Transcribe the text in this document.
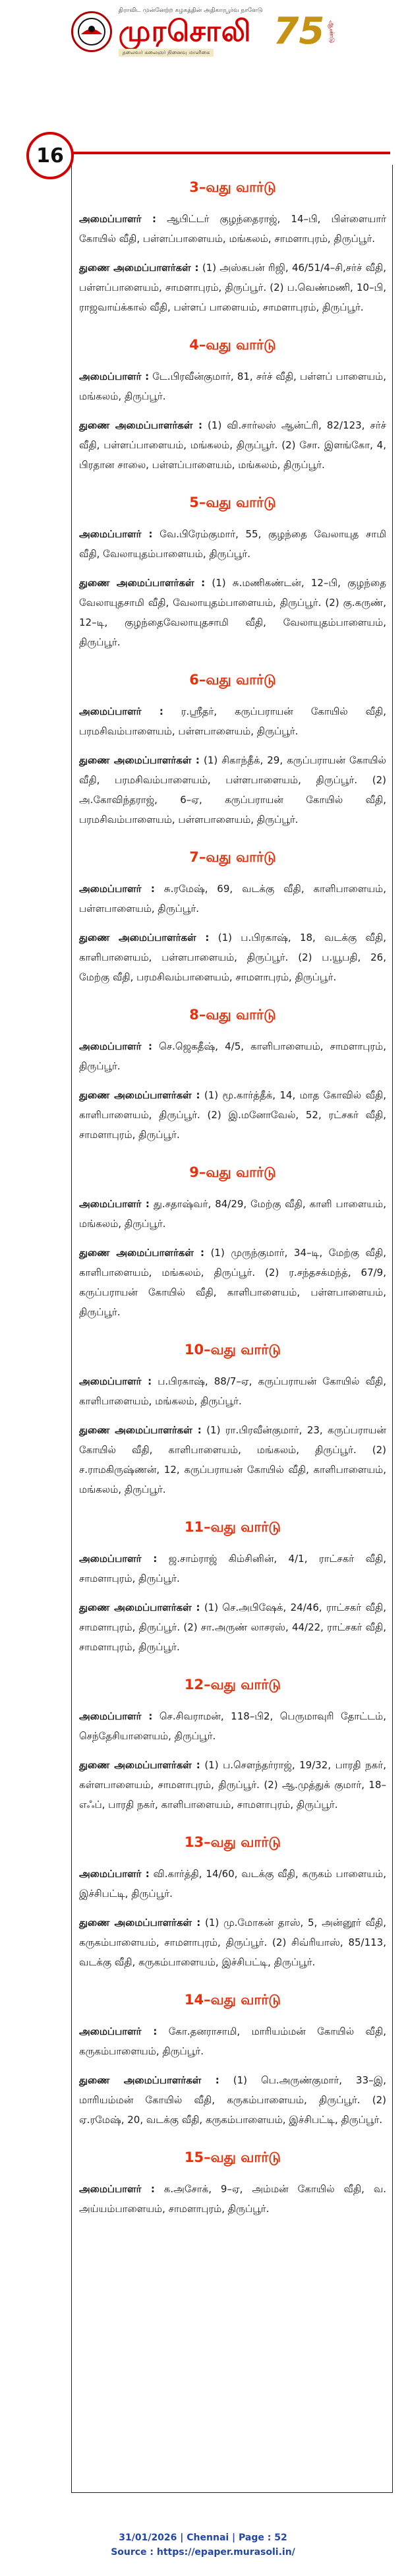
திராவிட முன்னேற்ற கழகத்தின் அதிகாரபூர்வ நாளேடு
முரசொலி
தலைவர் கலைஞர் நினைவு மாளிகை 75 ஆண்டு
16
3–வது வார்டு

அமைப்பாளர் : ஆபிட்டர் குழந்தைராஜ், 14–பி, பிள்ளையார் கோயில் வீதி, பள்ளப்பாளையம், மங்கலம், சாமளாபுரம், திருப்பூர்.

துணை அமைப்பாளர்கள் : (1) அஸ்கபன் ரிஜி, 46/51/4–சி,சர்ச் வீதி, பள்ளப்பாளையம், சாமளாபுரம், திருப்பூர். (2) ப.வெண்மணி, 10–பி, ராஜவாய்க்கால் வீதி, பள்ளப் பாளையம், சாமளாபுரம், திருப்பூர்.

4–வது வார்டு

அமைப்பாளர் : டே.பிரவீன்குமார், 81, சர்ச் வீதி, பள்ளப் பாளையம், மங்கலம், திருப்பூர்.

துணை அமைப்பாளர்கள் : (1) வி.சார்லஸ் ஆன்ட்ரி, 82/123, சர்ச் வீதி, பள்ளப்பாளையம், மங்கலம், திருப்பூர். (2) சோ. இளங்கோ, 4, பிரதான சாலை, பள்ளப்பாளையம், மங்கலம், திருப்பூர்.

5–வது வார்டு

அமைப்பாளர் : வே.பிரேம்குமார், 55, குழந்தை வேலாயுத சாமி வீதி, வேலாயுதம்பாளையம், திருப்பூர்.

துணை அமைப்பாளர்கள் : (1) சு.மணிகண்டன், 12–பி, குழந்தை வேலாயுதசாமி வீதி, வேலாயுதம்பாளையம், திருப்பூர். (2) கு.கருண், 12–டி, குழந்தைவேலாயுதசாமி வீதி, வேலாயுதம்பாளையம், திருப்பூர்.

6–வது வார்டு

அமைப்பாளர் : ர.ஸ்ரீதர், கருப்பராயன் கோயில் வீதி, பரமசிவம்பாளையம், பள்ளபாளையம், திருப்பூர்.

துணை அமைப்பாளர்கள் : (1) சிகாந்தீக், 29, கருப்பராயன் கோயில் வீதி, பரமசிவம்பாளையம், பள்ளபாளையம், திருப்பூர். (2) அ.கோவிந்தராஜ், 6–ஏ, கருப்பராயன் கோயில் வீதி, பரமசிவம்பாளையம், பள்ளபாளையம், திருப்பூர்.

7–வது வார்டு

அமைப்பாளர் : சு.ரமேஷ், 69, வடக்கு வீதி, காளிபாளையம், பள்ளபாளையம், திருப்பூர்.

துணை அமைப்பாளர்கள் : (1) ப.பிரகாஷ், 18, வடக்கு வீதி, காளிபாளையம், பள்ளபாளையம், திருப்பூர். (2) ப.யூபதி, 26, மேற்கு வீதி, பரமசிவம்பாளையம், சாமளாபுரம், திருப்பூர்.

8–வது வார்டு

அமைப்பாளர் : செ.ஜெகதீஷ், 4/5, காளிபாளையம், சாமளாபுரம், திருப்பூர்.

துணை அமைப்பாளர்கள் : (1) மூ.கார்த்தீக், 14, மாத கோவில் வீதி, காளிபாளையம், திருப்பூர். (2) இ.மனோவேல், 52, ரட்சகர் வீதி, சாமளாபுரம், திருப்பூர்.

9–வது வார்டு

அமைப்பாளர் : து.சதாஷ்வர், 84/29, மேற்கு வீதி, காளி பாளையம், மங்கலம், திருப்பூர்.

துணை அமைப்பாளர்கள் : (1) முருந்குமார், 34–டி, மேற்கு வீதி, காளிபாளையம், மங்கலம், திருப்பூர். (2) ர.சந்தசக்மந்த், 67/9, கருப்பராயன் கோயில் வீதி, காளிபாளையம், பள்ளபாளையம், திருப்பூர்.

10–வது வார்டு

அமைப்பாளர் : ப.பிரகாஷ், 88/7–ஏ, கருப்பராயன் கோயில் வீதி, காளிபாளையம், மங்கலம், திருப்பூர்.

துணை அமைப்பாளர்கள் : (1) ரா.பிரவீன்குமார், 23, கருப்பராயன் கோயில் வீதி, காளிபாளையம், மங்கலம், திருப்பூர். (2) ச.ராமகிருஷ்ணன், 12, கருப்பராயன் கோயில் வீதி, காளிபாளையம், மங்கலம், திருப்பூர்.

11–வது வார்டு

அமைப்பாளர் : ஜ.சாம்ராஜ் கிம்சினின், 4/1, ராட்சகர் வீதி, சாமளாபுரம், திருப்பூர்.

துணை அமைப்பாளர்கள் : (1) செ.அபிஷேக், 24/46, ராட்சகர் வீதி, சாமளாபுரம், திருப்பூர். (2) சா.அருண் லாசரஸ், 44/22, ராட்சகர் வீதி, சாமளாபுரம், திருப்பூர்.

12–வது வார்டு

அமைப்பாளர் : செ.சிவராமன், 118–பி2, பெருமாவுரி தோட்டம், செந்தேசியாளையம், திருப்பூர்.

துணை அமைப்பாளர்கள் : (1) ப.சௌந்தர்ராஜ், 19/32, பாரதி நகர், கள்ளபாளையம், சாமளாபுரம், திருப்பூர். (2) ஆ.முத்துக் குமார், 18–எஃப், பாரதி நகர், காளிபாளையம், சாமளாபுரம், திருப்பூர்.

13–வது வார்டு

அமைப்பாளர் : வி.கார்த்தி, 14/60, வடக்கு வீதி, கருகம் பாளையம், இச்சிபட்டி, திருப்பூர்.

துணை அமைப்பாளர்கள் : (1) மு.மோகன் தாஸ், 5, அன்னூர் வீதி, கருகம்பாளையம், சாமளாபுரம், திருப்பூர். (2) சிவ்ரியாஸ், 85/113, வடக்கு வீதி, கருகம்பாளையம், இச்சிபட்டி, திருப்பூர்.

14–வது வார்டு

அமைப்பாளர் : கோ.தனராசாமி, மாரியம்மன் கோயில் வீதி, கருகம்பாளையம், திருப்பூர்.

துணை அமைப்பாளர்கள் : (1) பெ.அருண்குமார், 33–இ, மாரியம்மன் கோயில் வீதி, கருகம்பாளையம், திருப்பூர். (2) ஏ.ரமேஷ், 20, வடக்கு வீதி, கருகம்பாளையம், இச்சிபட்டி, திருப்பூர்.

15–வது வார்டு

அமைப்பாளர் : க.அசோக், 9–ஏ, அம்மன் கோயில் வீதி, வ. அய்யம்பாளையம், சாமளாபுரம், திருப்பூர்.

31/01/2026 | Chennai | Page : 52
Source : https://epaper.murasoli.in/
